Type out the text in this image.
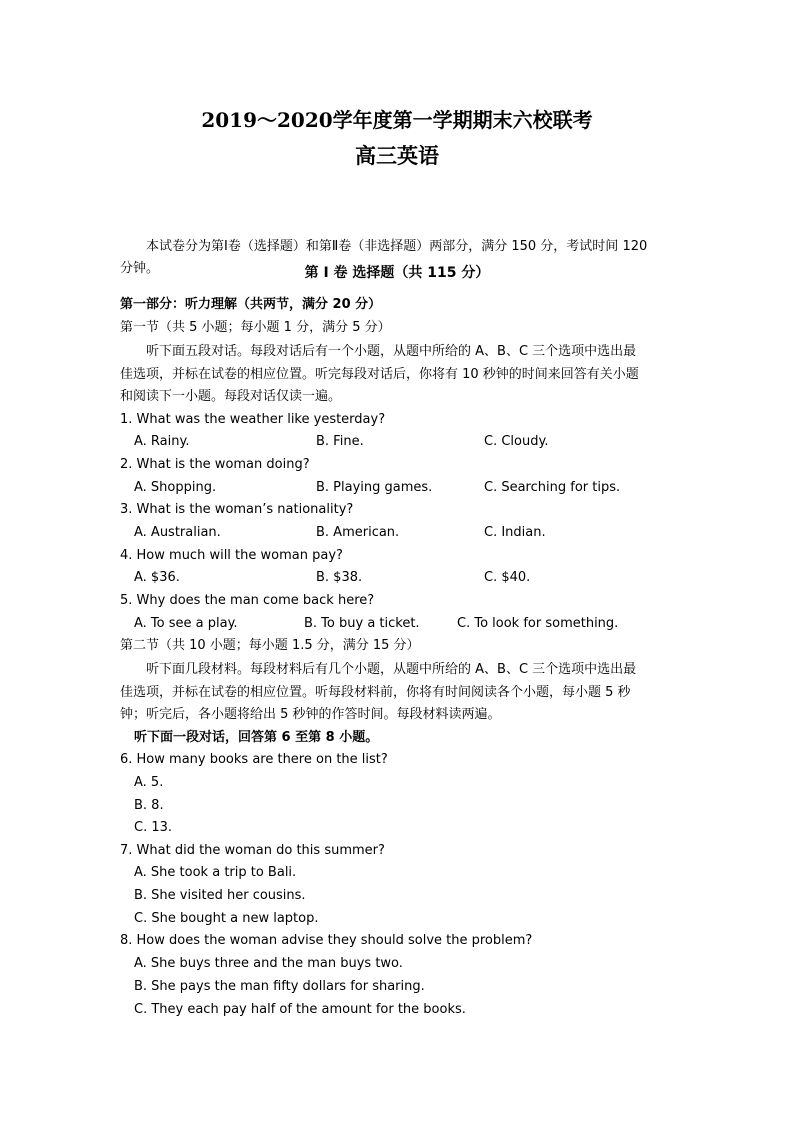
2019～2020学年度第一学期期末六校联考
高三英语
本试卷分为第Ⅰ卷（选择题）和第Ⅱ卷（非选择题）两部分，满分 150 分，考试时间 120
分钟。	第 Ⅰ 卷 选择题（共 115 分）
第一部分：听力理解（共两节，满分 20 分）
第一节（共 5 小题；每小题 1 分，满分 5 分）
听下面五段对话。每段对话后有一个小题，从题中所给的 A、B、C 三个选项中选出最
佳选项，并标在试卷的相应位置。听完每段对话后，你将有 10 秒钟的时间来回答有关小题
和阅读下一小题。每段对话仅读一遍。
1. What was the weather like yesterday?
A. Rainy.	B. Fine.	C. Cloudy.
2. What is the woman doing?
A. Shopping.	B. Playing games.	C. Searching for tips.
3. What is the woman’s nationality?
A. Australian.	B. American.	C. Indian.
4. How much will the woman pay?
A. $36.	B. $38.	C. $40.
5. Why does the man come back here?
A. To see a play.	B. To buy a ticket.	C. To look for something.
第二节（共 10 小题；每小题 1.5 分，满分 15 分）
听下面几段材料。每段材料后有几个小题，从题中所给的 A、B、C 三个选项中选出最
佳选项，并标在试卷的相应位置。听每段材料前，你将有时间阅读各个小题，每小题 5 秒
钟；听完后，各小题将给出 5 秒钟的作答时间。每段材料读两遍。
听下面一段对话，回答第 6 至第 8 小题。
6. How many books are there on the list?
A. 5.
B. 8.
C. 13.
7. What did the woman do this summer?
A. She took a trip to Bali.
B. She visited her cousins.
C. She bought a new laptop.
8. How does the woman advise they should solve the problem?
A. She buys three and the man buys two.
B. She pays the man fifty dollars for sharing.
C. They each pay half of the amount for the books.
